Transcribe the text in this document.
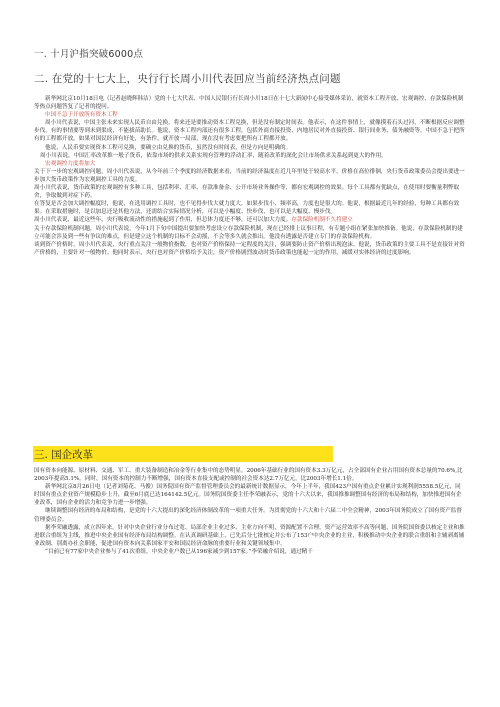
一. 十月沪指突破6000点
二. 在党的十七大上，央行行长周小川代表回应当前经济热点问题

新华网北京10月18日电（记者赵晓辉韩洁）党的十七大代表、中国人民银行行长周小川18日在十七大新闻中心接受媒体采访，就资本工程开放、宏观调控、存款保险机制等热点问题答复了记者的提问。

中国不急于开放所有资本工程

周小川代表说，中国主张未来实现人民币自由兑换，将来还是要推动资本工程兑换，但是没有制定时间表。他表示，在这件事情上，就像摸着石头过河，不断根据反应调整步伐。有的事情要等到未到渠成，不能拔苗助长。他说，资本工程内部还有很多工程，包括外商直接投资、内地居民对外直接投资、银行间业务、债务融资等。中国不急于把所有的工程都开放，如果对国民经济有好处，有条件，就开放一局部，现在没有考虑要把所有工程都开放。

他说，人民币要实现资本工程可兑换，要确立由兑换的货币，虽然没有时间表，但是方向是明确的。

周小川表说，中国汇率改革推一般子货币，依靠市场的供求关系实现有管理的浮动汇率，随着改革的深化会让市场供求关系起到更大的作用。

宏观调控力度将加大

关于下一步的宏观调控问题，周小川代表说，从今年前三个季度的经济数据来看，当前的经济温度在近几年里处于较高水平，价格在高位徘徊，央行货币政策委员会提出要进一步加大货币政策作为宏观调控工具的力度。

周小川代表说，货币政策的宏观调控有多种工具，包括利率、汇率、存款准备金、公开市场业务操作等，都有宏观调控的效果。每个工具都有优缺点，在使用时要衡量利弊取舍，争取做到对症下药。

在答复是否会加大调控幅度时，他说，在选用调控工具时，也不见得步伐大就力度大，如果步伐小、频率高，力度也是很大的。他说，根据最近几年的经验，每种工具都有效果。在采取措施时，是以加息还是其他方法，还需结合实际情况分析，可以是小幅度、快步伐，也可以是大幅度、慢步伐。

周小川代表说，最近这些年，央行吸收流动性的措施起到了作用，但总体力度还不够，还可以加大力度。存款保险机制不久将建立

关于存款保险机制问题，周小川代表说，今年1月下旬中国提出要加快考虑设立存款保险机制，现在已经排上议事日程，有专题小组在紧张加快推备。他说，存款保险机制的建立可能会涉及到一些有争议的难点，但是建立这个机制的目标不会动摇，不会等多久就会推出。他没有透露是否建立专门的存款保险机构。

谈到资产价格时，周小川代表说，央行重点关注一般物价指数，也对资产价格保持一定程度的关注，强调要防止资产价格出现泡沫。他说，货币政策的主要工具不是直接针对资产价格的，主要针对一般物价。他同时表示，央行也对资产价格给予关注，资产价格剧烈波动时货币政策也能起一定的作用，减缓对实体经济的过度影响。

三. 国企改革

国有资本向能源、原材料、交通、军工、重大装备制造和冶金等行业集中的态势明显。2006年基础行业的国有资本3.3万亿元，占全部国有企业占用国有资本总量的70.6%,比2003年提高5.1%。同时，国有资本的控制力不断增强，国有资本直接支配或控制的社会资本达2.7万亿元，比2003年增长1.1倍。

新华网北京8月26日电（记者刘菊花、马俊）国务院国有资产监督管理委员会的最新统计数据显示，今年上半年，我国423户国有重点企业累计实现利润5558.5亿元，同时国有重点企业资产规模稳步上升，截至6月底已达164142.5亿元。国务院国资委主任李荣融表示，党的十六大以来，我国推推调整国有经济的布局和结构，加快推进国有企业改革，国有企业的活力和竞争力进一步增强。

继续调整国有经济的布局和结构，是党的十六大提出的深化经济体制改革的一项重大任务。为贯彻党的十六大和十六届二中全会精神，2003年国务院成立了国有资产监督管理委员会。

据李荣融透露，成立四年来，针对中央企业行业分布过宽、局部企业主业过多、主业方向不明，资源配置不合理，资产运营效率不高等问题，国务院国资委以核定主业和推进联合重组为主线，推进中央企业国有经济布局结构调整。在认真调研基础上，已先后分七批核定并公布了153户中央企业的主业，积极推动中央企业的联合重组和主辅剥离辅业改制、别离办社会职能，促进国有资本向关系国家平安和国民经济命脉的重要行业和关键领域集中。

“目前已有77家中央企业参与了41次重组，中央企业户数已从196家减少到157家。”李荣融介绍说，通过精干
